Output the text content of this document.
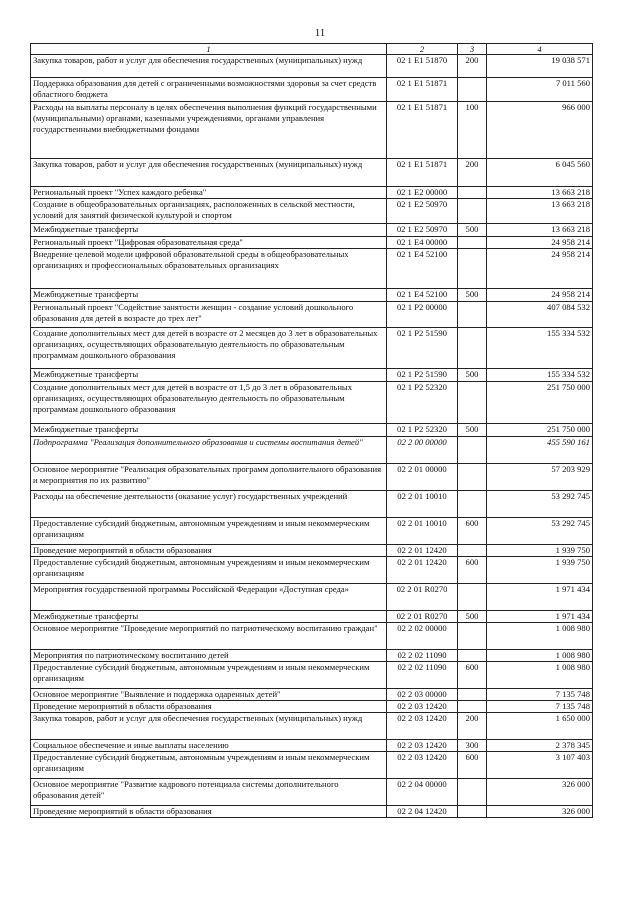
11
1	2	3	4
Закупка товаров, работ и услуг для обеспечения государственных (муниципальных) нужд	02 1 E1 51870	200	19 038 571
Поддержка образования для детей с ограниченными возможностями здоровья за счет средств областного бюджета	02 1 E1 51871		7 011 560
Расходы на выплаты персоналу в целях обеспечения выполнения функций государственными (муниципальными) органами, казенными учреждениями, органами управления государственными внебюджетными фондами	02 1 E1 51871	100	966 000
Закупка товаров, работ и услуг для обеспечения государственных (муниципальных) нужд	02 1 E1 51871	200	6 045 560
Региональный проект "Успех каждого ребенка"	02 1 E2 00000		13 663 218
Создание в общеобразовательных организациях, расположенных в сельской местности, условий для занятий физической культурой и спортом	02 1 E2 50970		13 663 218
Межбюджетные трансферты	02 1 E2 50970	500	13 663 218
Региональный проект "Цифровая образовательная среда"	02 1 E4 00000		24 958 214
Внедрение целевой модели цифровой образовательной среды в общеобразовательных организациях и профессиональных образовательных организациях	02 1 E4 52100		24 958 214
Межбюджетные трансферты	02 1 E4 52100	500	24 958 214
Региональный проект "Содействие занятости женщин - создание условий дошкольного образования для детей в возрасте до трех лет"	02 1 P2 00000		407 084 532
Создание дополнительных мест для детей в возрасте от 2 месяцев до 3 лет в образовательных организациях, осуществляющих образовательную деятельность по образовательным программам дошкольного образования	02 1 P2 51590		155 334 532
Межбюджетные трансферты	02 1 P2 51590	500	155 334 532
Создание дополнительных мест для детей в возрасте от 1,5 до 3 лет в образовательных организациях, осуществляющих образовательную деятельность по образовательным программам дошкольного образования	02 1 P2 52320		251 750 000
Межбюджетные трансферты	02 1 P2 52320	500	251 750 000
Подпрограмма "Реализация дополнительного образования и системы воспитания детей"	02 2 00 00000		455 590 161
Основное мероприятие "Реализация образовательных программ дополнительного образования и мероприятия по их развитию"	02 2 01 00000		57 203 929
Расходы на обеспечение деятельности (оказание услуг) государственных учреждений	02 2 01 10010		53 292 745
Предоставление субсидий бюджетным, автономным учреждениям и иным некоммерческим организациям	02 2 01 10010	600	53 292 745
Проведение мероприятий в области образования	02 2 01 12420		1 939 750
Предоставление субсидий бюджетным, автономным учреждениям и иным некоммерческим организациям	02 2 01 12420	600	1 939 750
Мероприятия государственной программы Российской Федерации «Доступная среда»	02 2 01 R0270		1 971 434
Межбюджетные трансферты	02 2 01 R0270	500	1 971 434
Основное мероприятие "Проведение мероприятий по патриотическому воспитанию граждан"	02 2 02 00000		1 008 980
Мероприятия по патриотическому воспитанию детей	02 2 02 11090		1 008 980
Предоставление субсидий бюджетным, автономным учреждениям и иным некоммерческим организациям	02 2 02 11090	600	1 008 980
Основное мероприятие "Выявление и поддержка одаренных детей"	02 2 03 00000		7 135 748
Проведение мероприятий в области образования	02 2 03 12420		7 135 748
Закупка товаров, работ и услуг для обеспечения государственных (муниципальных) нужд	02 2 03 12420	200	1 650 000
Социальное обеспечение и иные выплаты населению	02 2 03 12420	300	2 378 345
Предоставление субсидий бюджетным, автономным учреждениям и иным некоммерческим организациям	02 2 03 12420	600	3 107 403
Основное мероприятие "Развитие кадрового потенциала системы дополнительного образования детей"	02 2 04 00000		326 000
Проведение мероприятий в области образования	02 2 04 12420		326 000
